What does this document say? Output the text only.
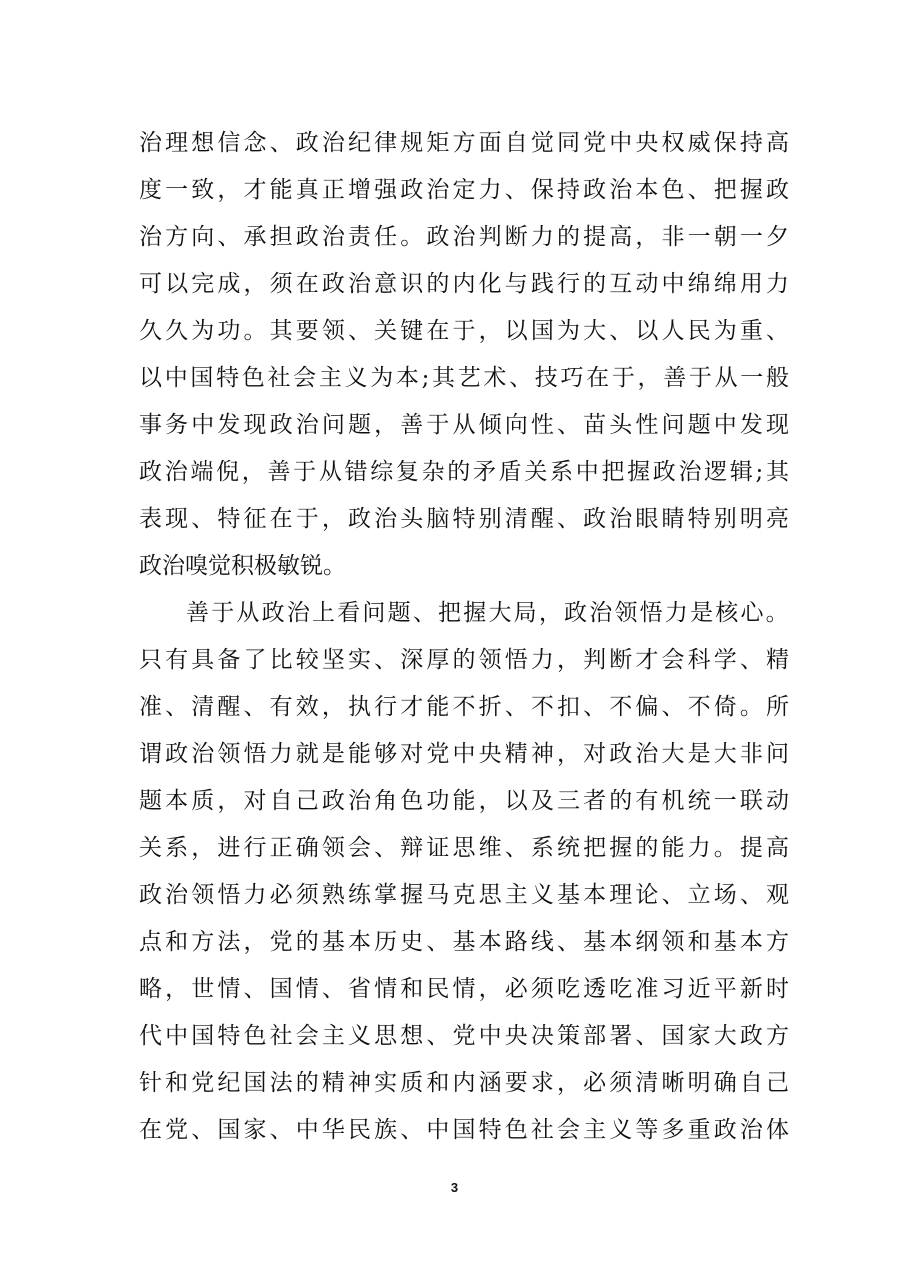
治 理 想 信 念 、 政 治 纪 律 规 矩 方 面 自 觉 同 党 中 央 权 威 保 持 高
度 一 致 ， 才 能 真 正 增 强 政 治 定 力 、 保 持 政 治 本 色 、 把 握 政
治 方 向 、 承 担 政 治 责 任 。 政 治 判 断 力 的 提 高 ， 非 一 朝 一 夕
可 以 完 成 ， 须 在 政 治 意 识 的 内 化 与 践 行 的 互 动 中 绵 绵 用 力
久 久 为 功 。 其 要 领 、 关 键 在 于 ， 以 国 为 大 、 以 人 民 为 重 、
以 中 国 特 色 社 会 主 义 为 本 ; 其 艺 术 、 技 巧 在 于 ， 善 于 从 一 般
事 务 中 发 现 政 治 问 题 ， 善 于 从 倾 向 性 、 苗 头 性 问 题 中 发 现
政 治 端 倪 ， 善 于 从 错 综 复 杂 的 矛 盾 关 系 中 把 握 政 治 逻 辑 ; 其
表 现 、 特 征 在 于 ， 政 治 头 脑 特 别 清 醒 、 政 治 眼 睛 特 别 明 亮
政 治 嗅 觉 积 极 敏 锐 。
善 于 从 政 治 上 看 问 题 、 把 握 大 局 ， 政 治 领 悟 力 是 核 心 。
只 有 具 备 了 比 较 坚 实 、 深 厚 的 领 悟 力 ， 判 断 才 会 科 学 、 精
准 、 清 醒 、 有 效 ， 执 行 才 能 不 折 、 不 扣 、 不 偏 、 不 倚 。 所
谓 政 治 领 悟 力 就 是 能 够 对 党 中 央 精 神 ， 对 政 治 大 是 大 非 问
题 本 质 ， 对 自 己 政 治 角 色 功 能 ， 以 及 三 者 的 有 机 统 一 联 动
关 系 ， 进 行 正 确 领 会 、 辩 证 思 维 、 系 统 把 握 的 能 力 。 提 高
政 治 领 悟 力 必 须 熟 练 掌 握 马 克 思 主 义 基 本 理 论 、 立 场 、 观
点 和 方 法 ， 党 的 基 本 历 史 、 基 本 路 线 、 基 本 纲 领 和 基 本 方
略 ， 世 情 、 国 情 、 省 情 和 民 情 ， 必 须 吃 透 吃 准 习 近 平 新 时
代 中 国 特 色 社 会 主 义 思 想 、 党 中 央 决 策 部 署 、 国 家 大 政 方
针 和 党 纪 国 法 的 精 神 实 质 和 内 涵 要 求 ， 必 须 清 晰 明 确 自 己
在 党 、 国 家 、 中 华 民 族 、 中 国 特 色 社 会 主 义 等 多 重 政 治 体
3
